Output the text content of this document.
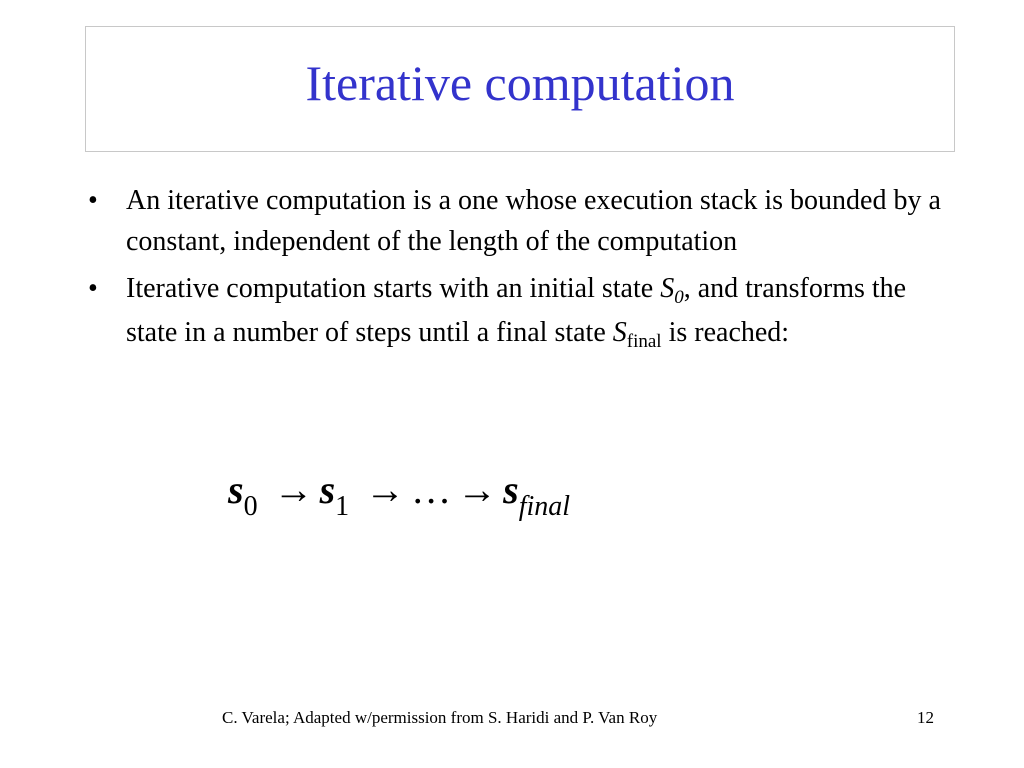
Iterative computation
• An iterative computation is a one whose execution stack is bounded by a constant, independent of the length of the computation
• Iterative computation starts with an initial state $S_0$, and transforms the state in a number of steps until a final state $S_{final}$ is reached:
$s_0 \to s_1$ → … → $s_{final}$
C. Varela; Adapted w/permission from S. Haridi and P. Van Roy	12
